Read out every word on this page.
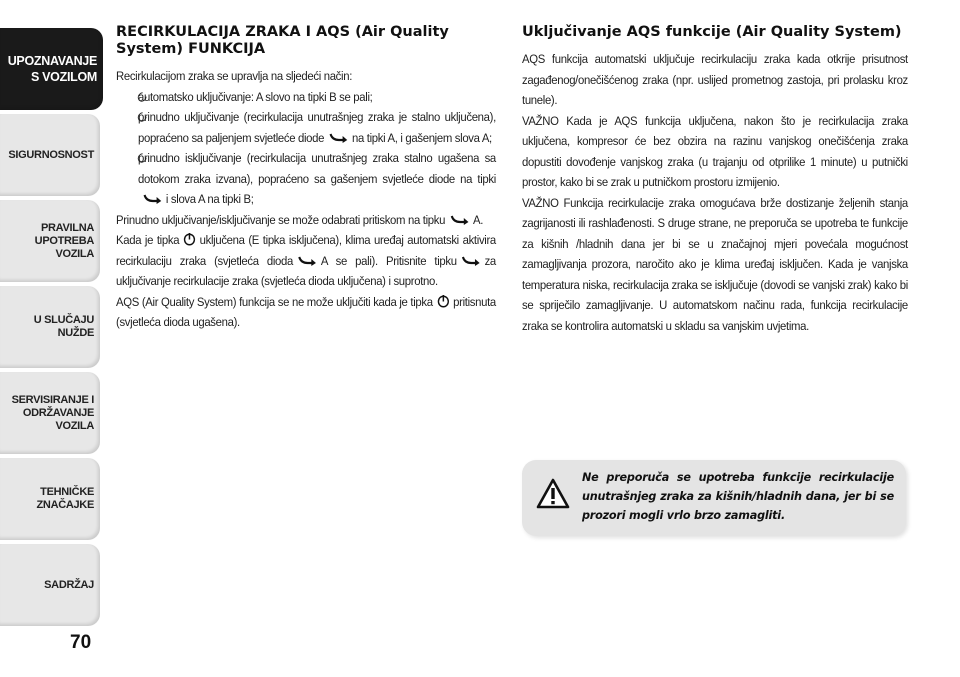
UPOZNAVANJE
S VOZILOM
SIGURNOSNOST
PRAVILNA
UPOTREBA
VOZILA
U SLUČAJU
NUŽDE
SERVISIRANJE I
ODRŽAVANJE
VOZILA
TEHNIČKE
ZNAČAJKE
SADRŽAJ
70
RECIRKULACIJA ZRAKA I AQS (Air Quality System) FUNKCIJA

Recirkulacijom zraka se upravlja na sljedeći način:

automatsko uključivanje: A slovo na tipki B se pali;

prinudno uključivanje (recirkulacija unutrašnjeg zraka je stalno uključena), popraćeno sa paljenjem svjetleće diode na tipki A, i gašenjem slova A;

prinudno isključivanje (recirkulacija unutrašnjeg zraka stalno ugašena sa dotokom zraka izvana), popraćeno sa gašenjem svjetleće diode na tipki
i slova A na tipki B;

Prinudno uključivanje/isključivanje se može odabrati pritiskom na tipku A.

Kada je tipka uključena (E tipka isključena), klima uređaj automatski aktivira recirkulaciju zraka (svjetleća dioda A se pali). Pritisnite tipku za uključivanje recirkulacije zraka (svjetleća dioda uključena) i suprotno.

AQS (Air Quality System) funkcija se ne može uključiti kada je tipka pritisnuta (svjetleća dioda ugašena).

Uključivanje AQS funkcije (Air Quality System)

AQS funkcija automatski uključuje recirkulaciju zraka kada otkrije prisutnost zagađenog/onečišćenog zraka (npr. uslijed prometnog zastoja, pri prolasku kroz tunele).

VAŽNO Kada je AQS funkcija uključena, nakon što je recirkulacija zraka uključena, kompresor će bez obzira na razinu vanjskog onečišćenja zraka dopustiti dovođenje vanjskog zraka (u trajanju od otprilike 1 minute) u putnički prostor, kako bi se zrak u putničkom prostoru izmijenio.

VAŽNO Funkcija recirkulacije zraka omogućava brže dostizanje željenih stanja zagrijanosti ili rashlađenosti. S druge strane, ne preporuča se upotreba te funkcije za kišnih /hladnih dana jer bi se u značajnoj mjeri povećala mogućnost zamagljivanja prozora, naročito ako je klima uređaj isključen. Kada je vanjska temperatura niska, recirkulacija zraka se isključuje (dovodi se vanjski zrak) kako bi se spriječilo zamagljivanje. U automatskom načinu rada, funkcija recirkulacije zraka se kontrolira automatski u skladu sa vanjskim uvjetima.

Ne preporuča se upotreba funkcije recirkulacije unutrašnjeg zraka za kišnih/hladnih dana, jer bi se prozori mogli vrlo brzo zamagliti.
